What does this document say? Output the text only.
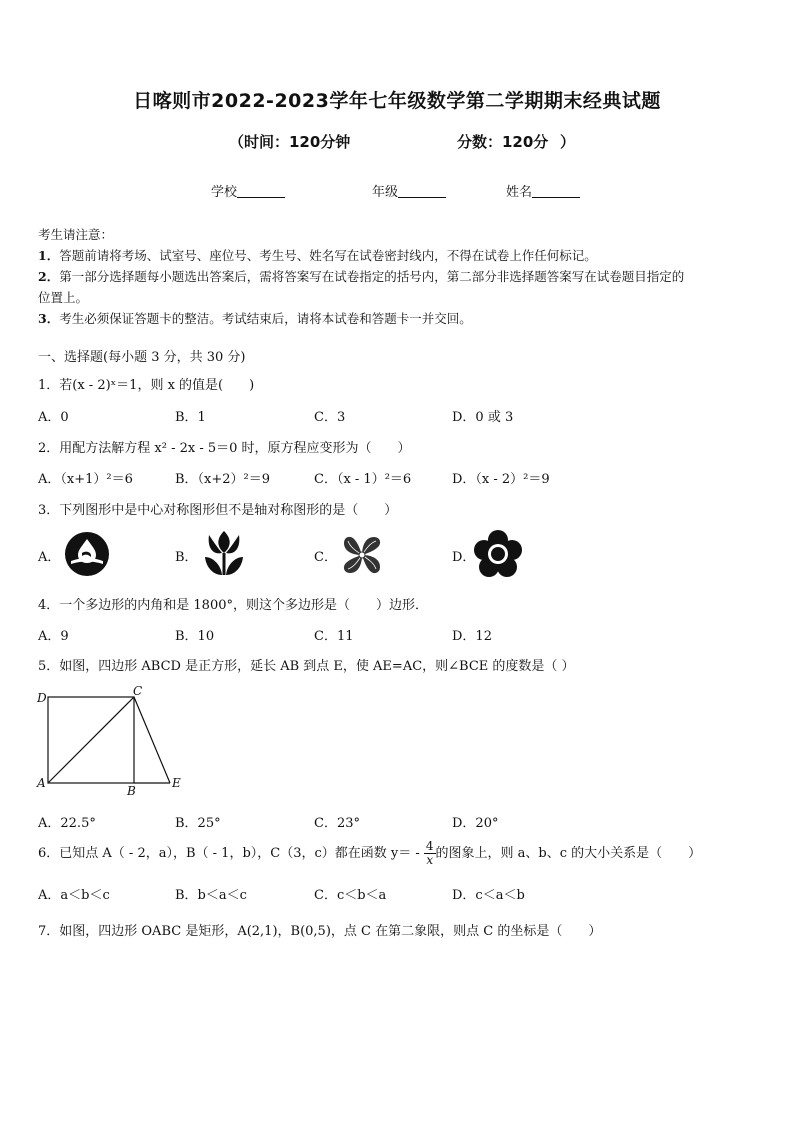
日喀则市2022-2023学年七年级数学第二学期期末经典试题
（时间：120分钟	分数：120分 ）
学校	年级	姓名

考生请注意：

1．答题前请将考场、试室号、座位号、考生号、姓名写在试卷密封线内，不得在试卷上作任何标记。

2．第一部分选择题每小题选出答案后，需将答案写在试卷指定的括号内，第二部分非选择题答案写在试卷题目指定的

位置上。

3．考生必须保证答题卡的整洁。考试结束后，请将本试卷和答题卡一并交回。

一、选择题(每小题 3 分，共 30 分)
1．若(x - 2)ˣ＝1，则 x 的值是(　　)
A．0	B．1	C．3	D．0 或 3
2．用配方法解方程 x² - 2x - 5＝0 时，原方程应变形为（　　）
A．（x+1）²＝6	B．（x+2）²＝9	C．（x - 1）²＝6	D．（x - 2）²＝9
3．下列图形中是中心对称图形但不是轴对称图形的是（　　）
A．	B．	C．	D．
4．一个多边形的内角和是 1800°，则这个多边形是（　　）边形．
A．9	B．10	C．11	D．12
5．如图，四边形 ABCD 是正方形，延长 AB 到点 E，使 AE=AC，则∠BCE 的度数是（ ）
D	C
A
B
E
A．22.5°	B．25°	C．23°	D．20°
6．已知点 A（ - 2，a），B（ - 1，b），C（3，c）都在函数 $y= - \frac{4}{x}$ 的图象上，则 a、b、c 的大小关系是（　　）
A．a＜b＜c	B．b＜a＜c	C．c＜b＜a	D．c＜a＜b
7．如图，四边形 OABC 是矩形，A(2,1)，B(0,5)，点 C 在第二象限，则点 C 的坐标是（　　）
